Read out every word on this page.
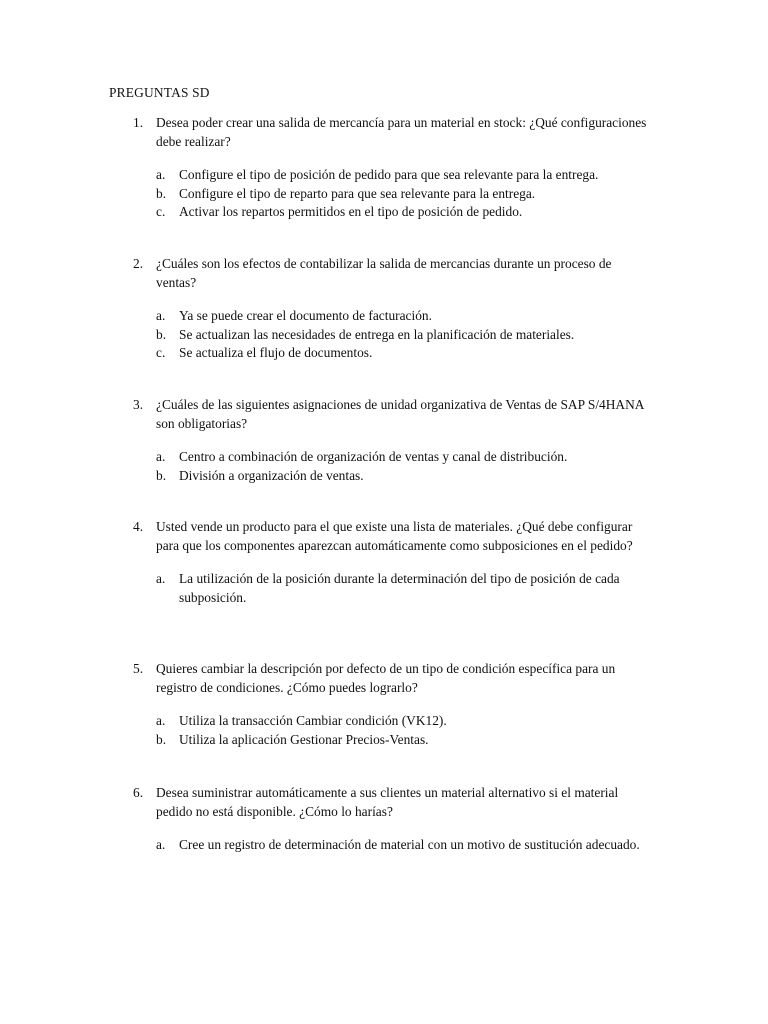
PREGUNTAS SD
1. Desea poder crear una salida de mercancía para un material en stock: ¿Qué configuraciones debe realizar?
a. Configure el tipo de posición de pedido para que sea relevante para la entrega.
b. Configure el tipo de reparto para que sea relevante para la entrega.
c. Activar los repartos permitidos en el tipo de posición de pedido.
2. ¿Cuáles son los efectos de contabilizar la salida de mercancias durante un proceso de ventas?
a. Ya se puede crear el documento de facturación.
b. Se actualizan las necesidades de entrega en la planificación de materiales.
c. Se actualiza el flujo de documentos.
3. ¿Cuáles de las siguientes asignaciones de unidad organizativa de Ventas de SAP S/4HANA son obligatorias?
a. Centro a combinación de organización de ventas y canal de distribución.
b. División a organización de ventas.
4. Usted vende un producto para el que existe una lista de materiales. ¿Qué debe configurar para que los componentes aparezcan automáticamente como subposiciones en el pedido?
a. La utilización de la posición durante la determinación del tipo de posición de cada subposición.
5. Quieres cambiar la descripción por defecto de un tipo de condición específica para un registro de condiciones. ¿Cómo puedes lograrlo?
a. Utiliza la transacción Cambiar condición (VK12).
b. Utiliza la aplicación Gestionar Precios-Ventas.
6. Desea suministrar automáticamente a sus clientes un material alternativo si el material pedido no está disponible. ¿Cómo lo harías?
a. Cree un registro de determinación de material con un motivo de sustitución adecuado.
